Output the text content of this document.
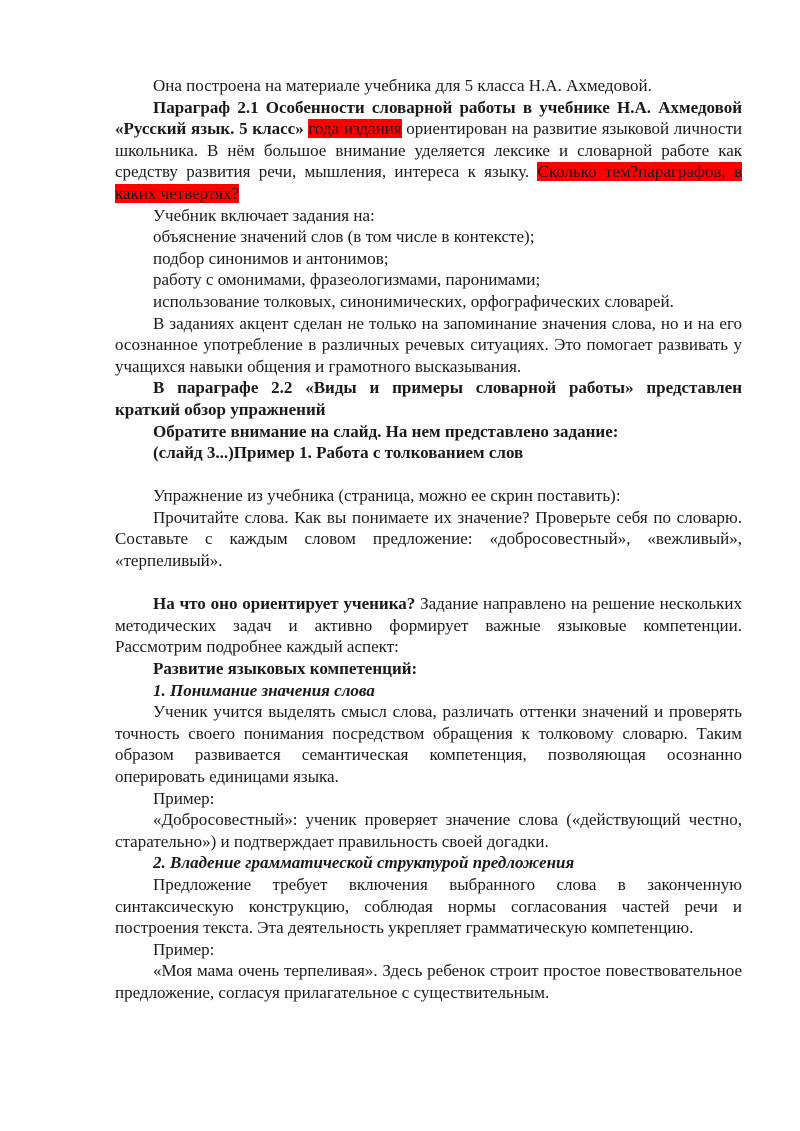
Она построена на материале учебника для 5 класса Н.А. Ахмедовой.

Параграф 2.1 Особенности словарной работы в учебнике Н.А. Ахмедовой «Русский язык. 5 класс» года издания ориентирован на развитие языковой личности школьника. В нём большое внимание уделяется лексике и словарной работе как средству развития речи, мышления, интереса к языку. Сколько тем?параграфов, в каких четвертях?

Учебник включает задания на:

объяснение значений слов (в том числе в контексте);

подбор синонимов и антонимов;

работу с омонимами, фразеологизмами, паронимами;

использование толковых, синонимических, орфографических словарей.

В заданиях акцент сделан не только на запоминание значения слова, но и на его осознанное употребление в различных речевых ситуациях. Это помогает развивать у учащихся навыки общения и грамотного высказывания.

В параграфе 2.2 «Виды и примеры словарной работы» представлен краткий обзор упражнений

Обратите внимание на слайд. На нем представлено задание:

(слайд 3...)Пример 1. Работа с толкованием слов

Упражнение из учебника (страница, можно ее скрин поставить):

Прочитайте слова. Как вы понимаете их значение? Проверьте себя по словарю. Составьте с каждым словом предложение: «добросовестный», «вежливый», «терпеливый».

На что оно ориентирует ученика? Задание направлено на решение нескольких методических задач и активно формирует важные языковые компетенции. Рассмотрим подробнее каждый аспект:

Развитие языковых компетенций:

1. Понимание значения слова

Ученик учится выделять смысл слова, различать оттенки значений и проверять точность своего понимания посредством обращения к толковому словарю. Таким образом развивается семантическая компетенция, позволяющая осознанно оперировать единицами языка.

Пример:

«Добросовестный»: ученик проверяет значение слова («действующий честно, старательно») и подтверждает правильность своей догадки.

2. Владение грамматической структурой предложения

Предложение требует включения выбранного слова в законченную синтаксическую конструкцию, соблюдая нормы согласования частей речи и построения текста. Эта деятельность укрепляет грамматическую компетенцию.

Пример:

«Моя мама очень терпеливая». Здесь ребенок строит простое повествовательное предложение, согласуя прилагательное с существительным.
